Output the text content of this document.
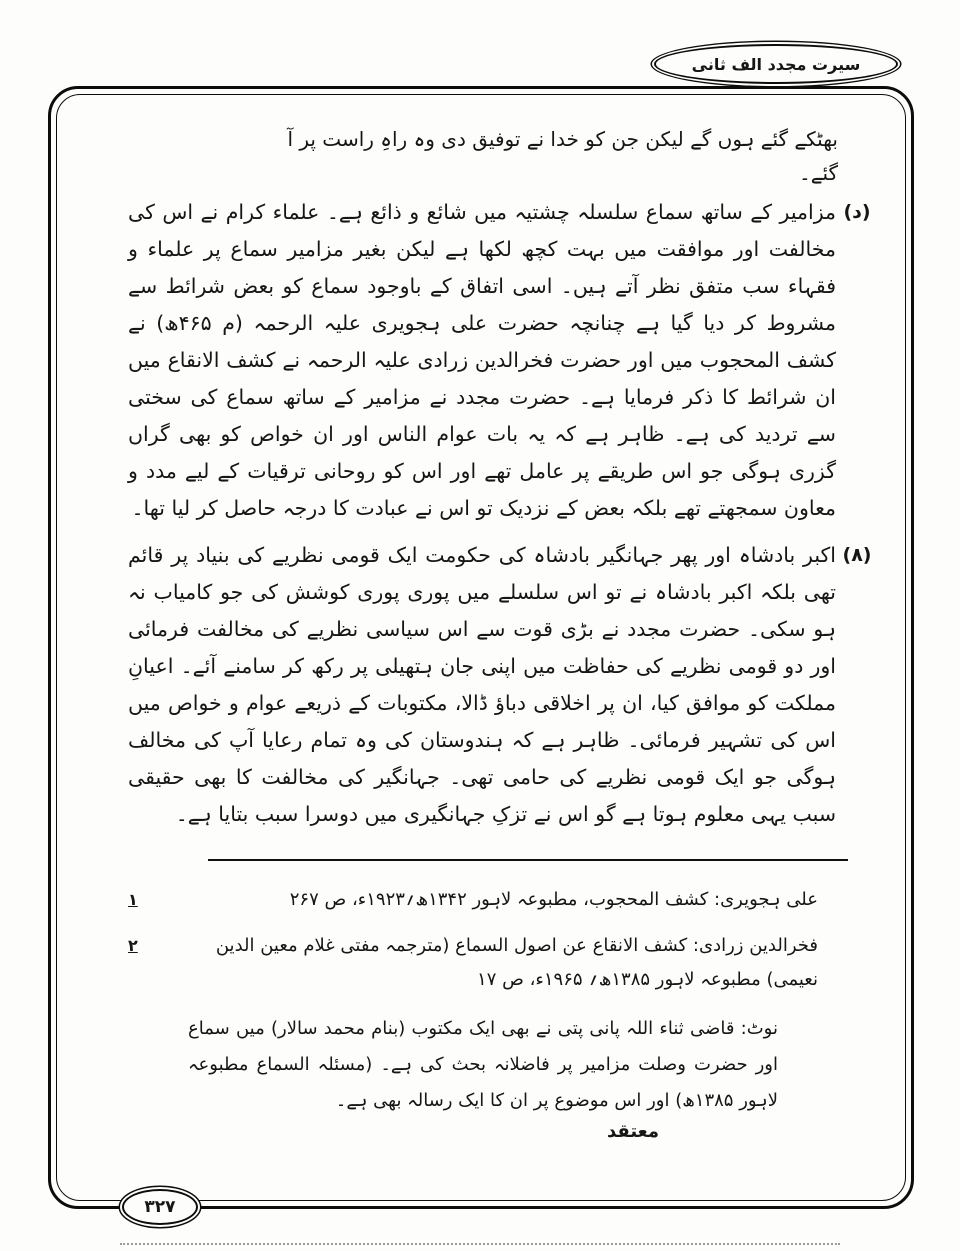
سیرت مجدد الف ثانی
بھٹکے گئے ہوں گے لیکن جن کو خدا نے توفیق دی وہ راہِ راست پر آ گئے۔
(د)
مزامیر کے ساتھ سماع سلسلہ چشتیہ میں شائع و ذائع ہے۔ علماء کرام نے اس کی مخالفت اور موافقت میں بہت کچھ لکھا ہے لیکن بغیر مزامیر سماع پر علماء و فقہاء سب متفق نظر آتے ہیں۔ اسی اتفاق کے باوجود سماع کو بعض شرائط سے مشروط کر دیا گیا ہے چنانچہ حضرت علی ہجویری علیہ الرحمہ (م ۴۶۵ھ) نے کشف المحجوب میں اور حضرت فخرالدین زرادی علیہ الرحمہ نے کشف الانقاع میں ان شرائط کا ذکر فرمایا ہے۔ حضرت مجدد نے مزامیر کے ساتھ سماع کی سختی سے تردید کی ہے۔ ظاہر ہے کہ یہ بات عوام الناس اور ان خواص کو بھی گراں گزری ہوگی جو اس طریقے پر عامل تھے اور اس کو روحانی ترقیات کے لیے مدد و معاون سمجھتے تھے بلکہ بعض کے نزدیک تو اس نے عبادت کا درجہ حاصل کر لیا تھا۔
(۸)
اکبر بادشاہ اور پھر جہانگیر بادشاہ کی حکومت ایک قومی نظریے کی بنیاد پر قائم تھی بلکہ اکبر بادشاہ نے تو اس سلسلے میں پوری پوری کوشش کی جو کامیاب نہ ہو سکی۔ حضرت مجدد نے بڑی قوت سے اس سیاسی نظریے کی مخالفت فرمائی اور دو قومی نظریے کی حفاظت میں اپنی جان ہتھیلی پر رکھ کر سامنے آئے۔ اعیانِ مملکت کو موافق کیا، ان پر اخلاقی دباؤ ڈالا، مکتوبات کے ذریعے عوام و خواص میں اس کی تشہیر فرمائی۔ ظاہر ہے کہ ہندوستان کی وہ تمام رعایا آپ کی مخالف ہوگی جو ایک قومی نظریے کی حامی تھی۔ جہانگیر کی مخالفت کا بھی حقیقی سبب یہی معلوم ہوتا ہے گو اس نے تزکِ جہانگیری میں دوسرا سبب بتایا ہے۔
علی ہجویری: کشف المحجوب، مطبوعہ لاہور ۱۳۴۲ھ؍۱۹۲۳ء، ص ۲۶۷
۱
فخرالدین زرادی: کشف الانقاع عن اصول السماع (مترجمہ مفتی غلام معین الدین نعیمی) مطبوعہ لاہور ۱۳۸۵ھ؍ ۱۹۶۵ء، ص ۱۷
۲
نوٹ: قاضی ثناء اللہ پانی پتی نے بھی ایک مکتوب (بنام محمد سالار) میں سماع اور حضرت وصلت مزامیر پر فاضلانہ بحث کی ہے۔ (مسئلہ السماع مطبوعہ لاہور ۱۳۸۵ھ) اور اس موضوع پر ان کا ایک رسالہ بھی ہے۔
معتقد
۳۲۷
